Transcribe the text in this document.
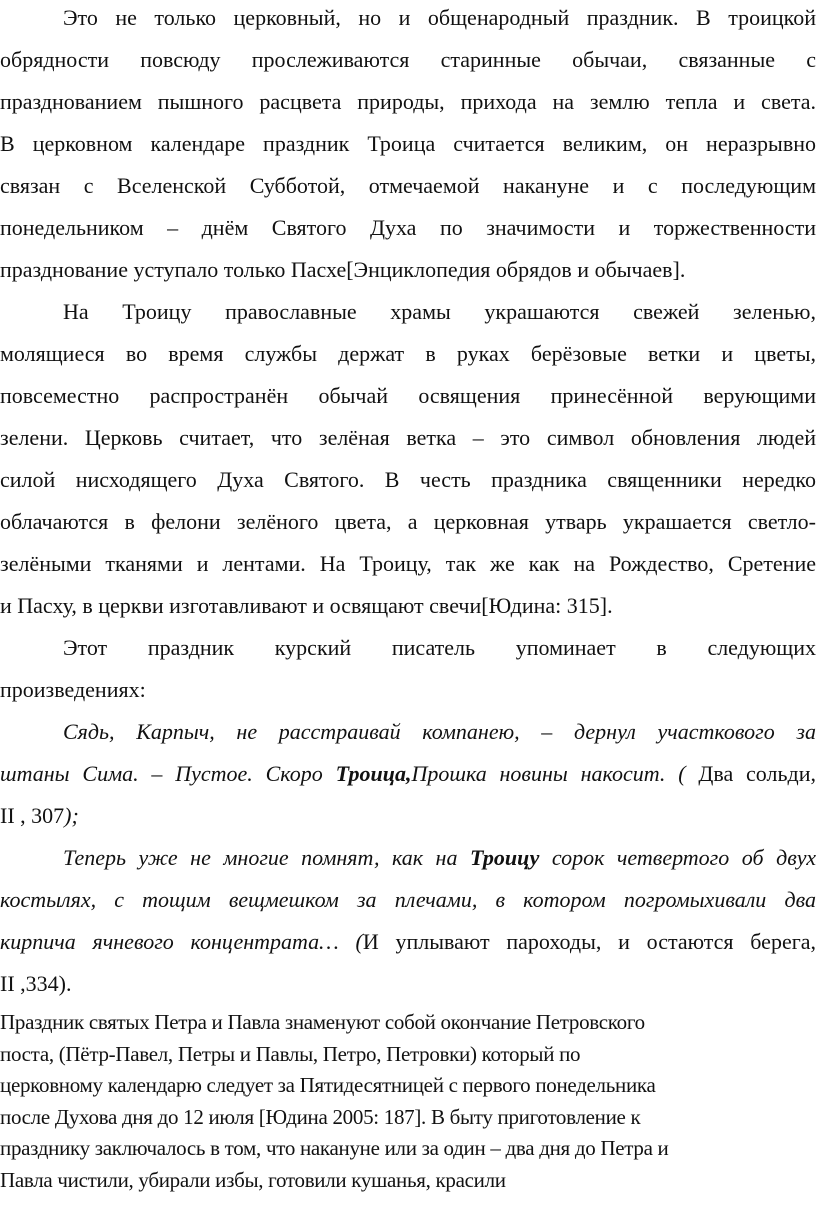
Это не только церковный, но и общенародный праздник. В троицкой
обрядности повсюду прослеживаются старинные обычаи, связанные с
празднованием пышного расцвета природы, прихода на землю тепла и света.
В церковном календаре праздник Троица считается великим, он неразрывно
связан с Вселенской Субботой, отмечаемой накануне и с последующим
понедельником – днём Святого Духа по значимости и торжественности
празднование уступало только Пасхе[Энциклопедия обрядов и обычаев].
На Троицу православные храмы украшаются свежей зеленью,
молящиеся во время службы держат в руках берёзовые ветки и цветы,
повсеместно распространён обычай освящения принесённой верующими
зелени. Церковь считает, что зелёная ветка – это символ обновления людей
силой нисходящего Духа Святого. В честь праздника священники нередко
облачаются в фелони зелёного цвета, а церковная утварь украшается светло-
зелёными тканями и лентами. На Троицу, так же как на Рождество, Сретение
и Пасху, в церкви изготавливают и освящают свечи[Юдина: 315].
Этот праздник курский писатель упоминает в следующих
произведениях:
Сядь, Карпыч, не расстраивай компанею, – дернул участкового за
штаны Сима. – Пустое. Скоро Троица,Прошка новины накосит. ( Два сольди,
II , 307);
Теперь уже не многие помнят, как на Троицу сорок четвертого об двух
костылях, с тощим вещмешком за плечами, в котором погромыхивали два
кирпича ячневого концентрата… (И уплывают пароходы, и остаются берега,
II ,334).
Праздник святых Петра и Павла знаменуют собой окончание Петровского
поста, (Пётр-Павел, Петры и Павлы, Петро, Петровки) который по
церковному календарю следует за Пятидесятницей с первого понедельника
после Духова дня до 12 июля [Юдина 2005: 187]. В быту приготовление к
празднику заключалось в том, что накануне или за один – два дня до Петра и
Павла чистили, убирали избы, готовили кушанья, красили
